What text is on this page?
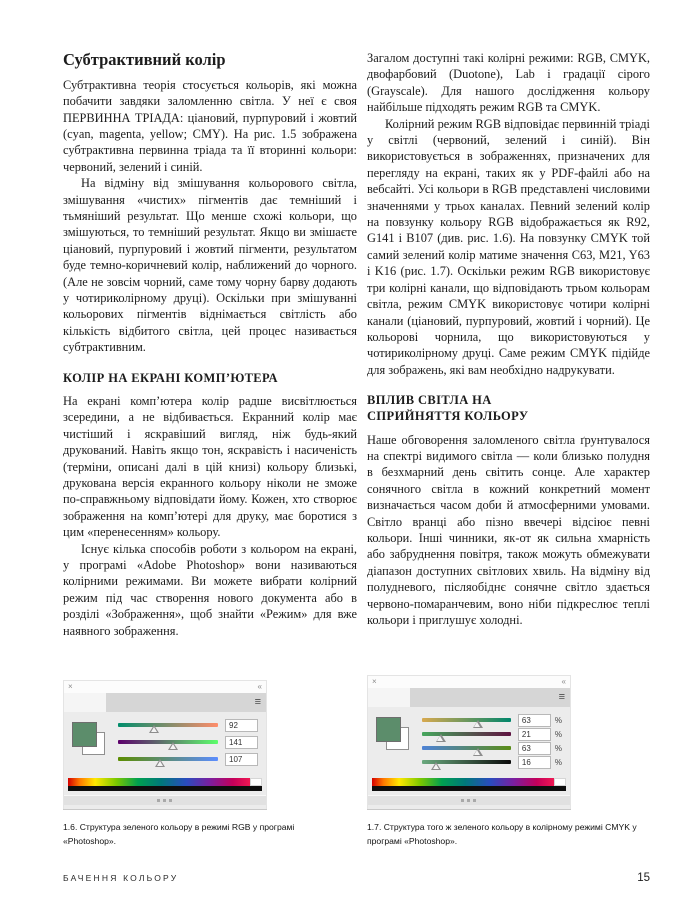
Субтрактивний колір

Субтрактивна теорія стосується кольорів, які можна побачити завдяки заломленню світла. У неї є своя ПЕРВИННА ТРІАДА: ціановий, пурпуровий і жовтий (cyan, magenta, yellow; CMY). На рис. 1.5 зображена субтрактивна первинна тріада та її вторинні кольори: червоний, зелений і синій.

На відміну від змішування кольорового світла, змішування «чистих» пігментів дає темніший і тьмяніший результат. Що менше схожі кольори, що змішуються, то темніший результат. Якщо ви змішаєте ціановий, пурпуровий і жовтий пігменти, результатом буде темно-коричневий колір, наближений до чорного. (Але не зовсім чорний, саме тому чорну барву додають у чотириколірному друці). Оскільки при змішуванні кольорових пігментів віднімається світлість або кількість відбитого світла, цей процес називається субтрактивним.

КОЛІР НА ЕКРАНІ КОМП’ЮТЕРА

На екрані комп’ютера колір радше висвітлюється зсередини, а не відбивається. Екранний колір має чистіший і яскравіший вигляд, ніж будь-який друкований. Навіть якщо тон, яскравість і насиченість (терміни, описані далі в цій книзі) кольору близькі, друкована версія екранного кольору ніколи не зможе по-справжньому відповідати йому. Кожен, хто створює зображення на комп’ютері для друку, має боротися з цим «перенесенням» кольору.

Існує кілька способів роботи з кольором на екрані, у програмі «Adobe Photoshop» вони називаються колірними режимами. Ви можете вибрати колірний режим під час створення нового документа або в розділі «Зображення», щоб знайти «Режим» для вже наявного зображення.

×	«
≡
92
141
107
1.6. Структура зеленого кольору в режимі RGB у програмі «Photoshop».

Загалом доступні такі колірні режими: RGB, CMYK, двофарбовий (Duotone), Lab і градації сірого (Grayscale). Для нашого дослідження кольору найбільше підходять режим RGB та CMYK.

Колірний режим RGB відповідає первинній тріаді у світлі (червоний, зелений і синій). Він використовується в зображеннях, призначених для перегляду на екрані, таких як у PDF-файлі або на вебсайті. Усі кольори в RGB представлені числовими значеннями у трьох каналах. Певний зелений колір на повзунку кольору RGB відображається як R92, G141 і B107 (див. рис. 1.6). На повзунку CMYK той самий зелений колір матиме значення C63, M21, Y63 і K16 (рис. 1.7). Оскільки режим RGB використовує три колірні канали, що відповідають трьом кольорам світла, режим CMYK використовує чотири колірні канали (ціановий, пурпуровий, жовтий і чорний). Це кольорові чорнила, що використовуються у чотириколірному друці. Саме режим CMYK підійде для зображень, які вам необхідно надрукувати.

ВПЛИВ СВІТЛА НА СПРИЙНЯТТЯ КОЛЬОРУ

Наше обговорення заломленого світла ґрунтувалося на спектрі видимого світла — коли близько полудня в безхмарний день світить сонце. Але характер сонячного світла в кожний конкретний момент визначається часом доби й атмосферними умовами. Світло вранці або пізно ввечері відсіює певні кольори. Інші чинники, як-от як сильна хмарність або забруднення повітря, також можуть обмежувати діапазон доступних світлових хвиль. На відміну від полудневого, післяобіднє сонячне світло здається червоно-помаранчевим, воно ніби підкреслює теплі кольори і приглушує холодні.

×	«
≡
63	%
21	%
63	%
16	%
1.7. Структура того ж зеленого кольору в колірному режимі CMYK у програмі «Photoshop».
БАЧЕННЯ КОЛЬОРУ	15
